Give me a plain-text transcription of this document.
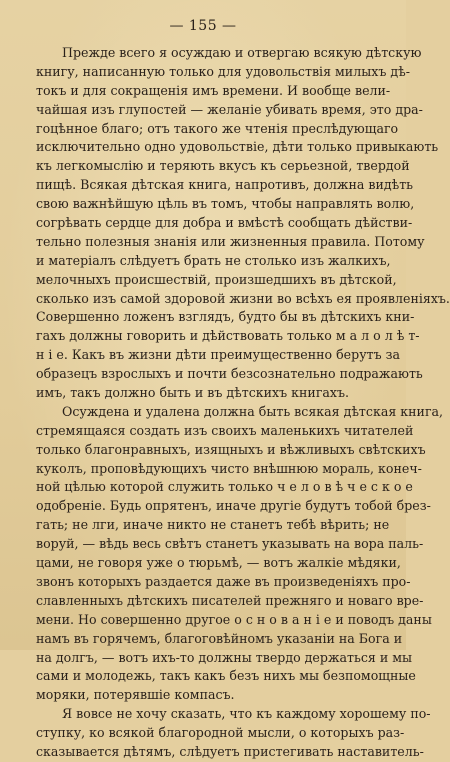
— 155 —
Прежде всего я осуждаю и отвергаю всякую дѣтскую
книгу, написанную только для удовольствія милыхъ дѣ-
токъ и для сокращенія имъ времени. И вообще вели-
чайшая изъ глупостей — желаніе убивать время, это дра-
гоцѣнное благо; отъ такого же чтенія преслѣдующаго
исключительно одно удовольствіе, дѣти только привыкають
къ легкомыслію и теряють вкусъ къ серьезной, твердой
пищѣ. Всякая дѣтская книга, напротивъ, должна видѣть
свою важнѣйшую цѣль въ томъ, чтобы направлять волю,
согрѣвать сердце для добра и вмѣстѣ сообщать дѣйстви-
тельно полезныя знанія или жизненныя правила. Потому
и матеріалъ слѣдуетъ брать не столько изъ жалкихъ,
мелочныхъ происшествій, произшедшихъ въ дѣтской,
сколько изъ самой здоровой жизни во всѣхъ ея проявленіяхъ.
Совершенно ложенъ взглядъ, будто бы въ дѣтскихъ кни-
гахъ должны говорить и дѣйствовать только м а л о л ѣ т-
н і е. Какъ въ жизни дѣти преимущественно берутъ за
образецъ взрослыхъ и почти безсознательно подражають
имъ, такъ должно быть и въ дѣтскихъ книгахъ.
Осуждена и удалена должна быть всякая дѣтская книга,
стремящаяся создать изъ своихъ маленькихъ читателей
только благонравныхъ, изящныхъ и вѣжливыхъ свѣтскихъ
куколъ, проповѣдующихъ чисто внѣшнюю мораль, конеч-
ной цѣлью которой служить только ч е л о в ѣ ч е с к о е
одобреніе. Будь опрятенъ, иначе другіе будутъ тобой брез-
гать; не лги, иначе никто не станетъ тебѣ вѣрить; не
воруй, — вѣдь весь свѣтъ станетъ указывать на вора паль-
цами, не говоря уже о тюрьмѣ, — вотъ жалкіе мѣдяки,
звонъ которыхъ раздается даже въ произведеніяхъ про-
славленныхъ дѣтскихъ писателей прежняго и новаго вре-
мени. Но совершенно другое о с н о в а н і е и поводъ даны
намъ въ горячемъ, благоговѣйномъ указаніи на Бога и
на долгъ, — вотъ ихъ-то должны твердо держаться и мы
сами и молодежь, такъ какъ безъ нихъ мы безпомощные
моряки, потерявшіе компасъ.
Я вовсе не хочу сказать, что къ каждому хорошему по-
ступку, ко всякой благородной мысли, о которыхъ раз-
сказывается дѣтямъ, слѣдуетъ пристегивать наставитель-
